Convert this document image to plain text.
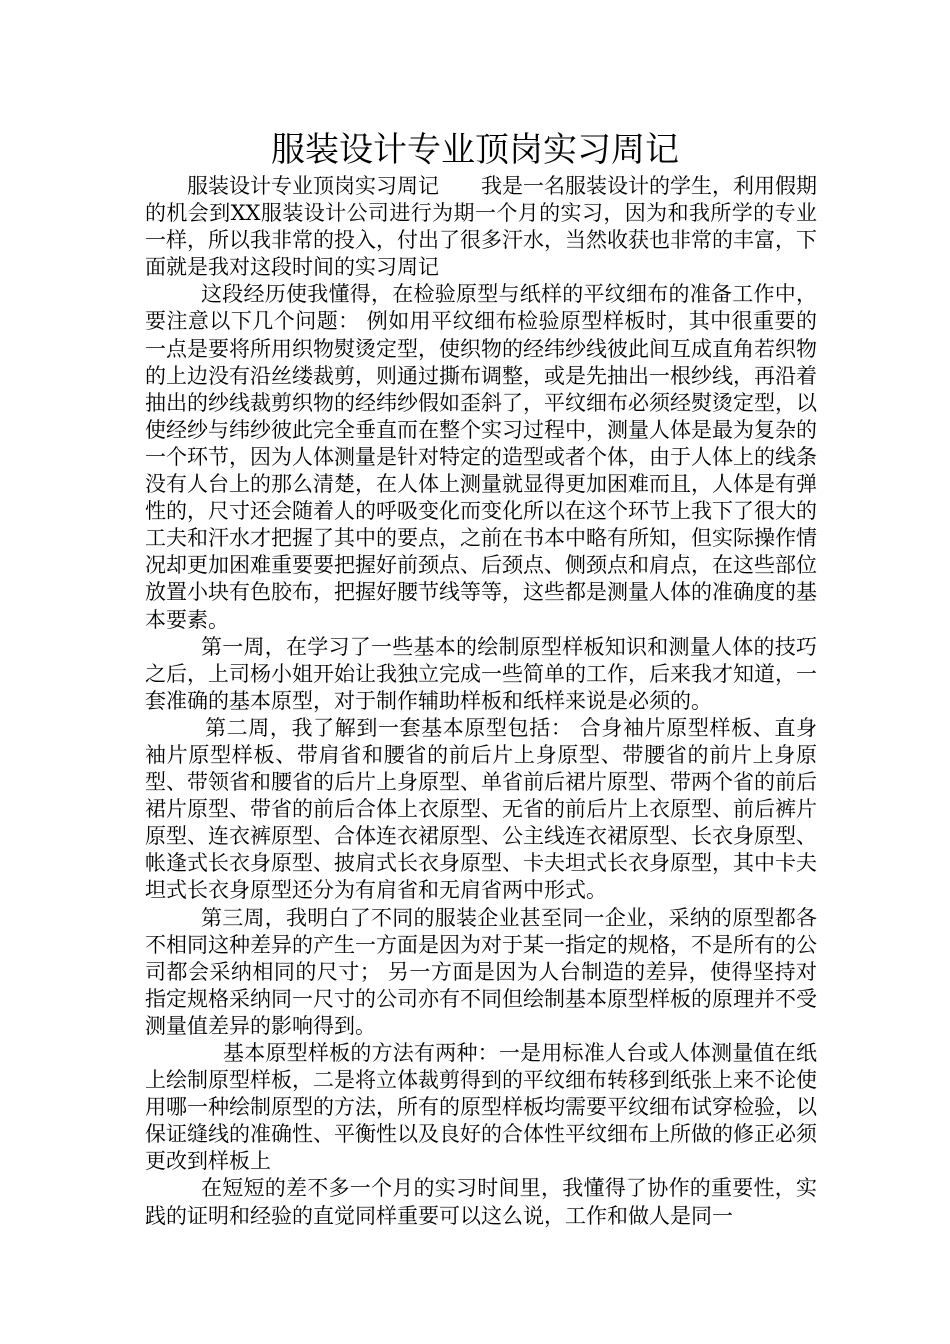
服装设计专业顶岗实习周记

服装设计专业顶岗实习周记　　我是一名服装设计的学生，利用假期的机会到XX服装设计公司进行为期一个月的实习，因为和我所学的专业一样，所以我非常的投入，付出了很多汗水，当然收获也非常的丰富，下面就是我对这段时间的实习周记

这段经历使我懂得，在检验原型与纸样的平纹细布的准备工作中，要注意以下几个问题： 例如用平纹细布检验原型样板时，其中很重要的一点是要将所用织物熨烫定型，使织物的经纬纱线彼此间互成直角若织物的上边没有沿丝缕裁剪，则通过撕布调整，或是先抽出一根纱线，再沿着抽出的纱线裁剪织物的经纬纱假如歪斜了，平纹细布必须经熨烫定型，以使经纱与纬纱彼此完全垂直而在整个实习过程中，测量人体是最为复杂的一个环节，因为人体测量是针对特定的造型或者个体，由于人体上的线条没有人台上的那么清楚，在人体上测量就显得更加困难而且，人体是有弹性的，尺寸还会随着人的呼吸变化而变化所以在这个环节上我下了很大的工夫和汗水才把握了其中的要点，之前在书本中略有所知，但实际操作情况却更加困难重要要把握好前颈点、后颈点、侧颈点和肩点，在这些部位放置小块有色胶布，把握好腰节线等等，这些都是测量人体的准确度的基本要素。

第一周，在学习了一些基本的绘制原型样板知识和测量人体的技巧之后，上司杨小姐开始让我独立完成一些简单的工作，后来我才知道，一套准确的基本原型，对于制作辅助样板和纸样来说是必须的。

第二周，我了解到一套基本原型包括： 合身袖片原型样板、直身袖片原型样板、带肩省和腰省的前后片上身原型、带腰省的前片上身原型、带领省和腰省的后片上身原型、单省前后裙片原型、带两个省的前后裙片原型、带省的前后合体上衣原型、无省的前后片上衣原型、前后裤片原型、连衣裤原型、合体连衣裙原型、公主线连衣裙原型、长衣身原型、帐逢式长衣身原型、披肩式长衣身原型、卡夫坦式长衣身原型，其中卡夫坦式长衣身原型还分为有肩省和无肩省两中形式。

第三周，我明白了不同的服装企业甚至同一企业，采纳的原型都各不相同这种差异的产生一方面是因为对于某一指定的规格，不是所有的公司都会采纳相同的尺寸； 另一方面是因为人台制造的差异，使得坚持对指定规格采纳同一尺寸的公司亦有不同但绘制基本原型样板的原理并不受测量值差异的影响得到。

基本原型样板的方法有两种：一是用标准人台或人体测量值在纸上绘制原型样板，二是将立体裁剪得到的平纹细布转移到纸张上来不论使用哪一种绘制原型的方法，所有的原型样板均需要平纹细布试穿检验，以保证缝线的准确性、平衡性以及良好的合体性平纹细布上所做的修正必须更改到样板上

在短短的差不多一个月的实习时间里，我懂得了协作的重要性，实践的证明和经验的直觉同样重要可以这么说，工作和做人是同一
